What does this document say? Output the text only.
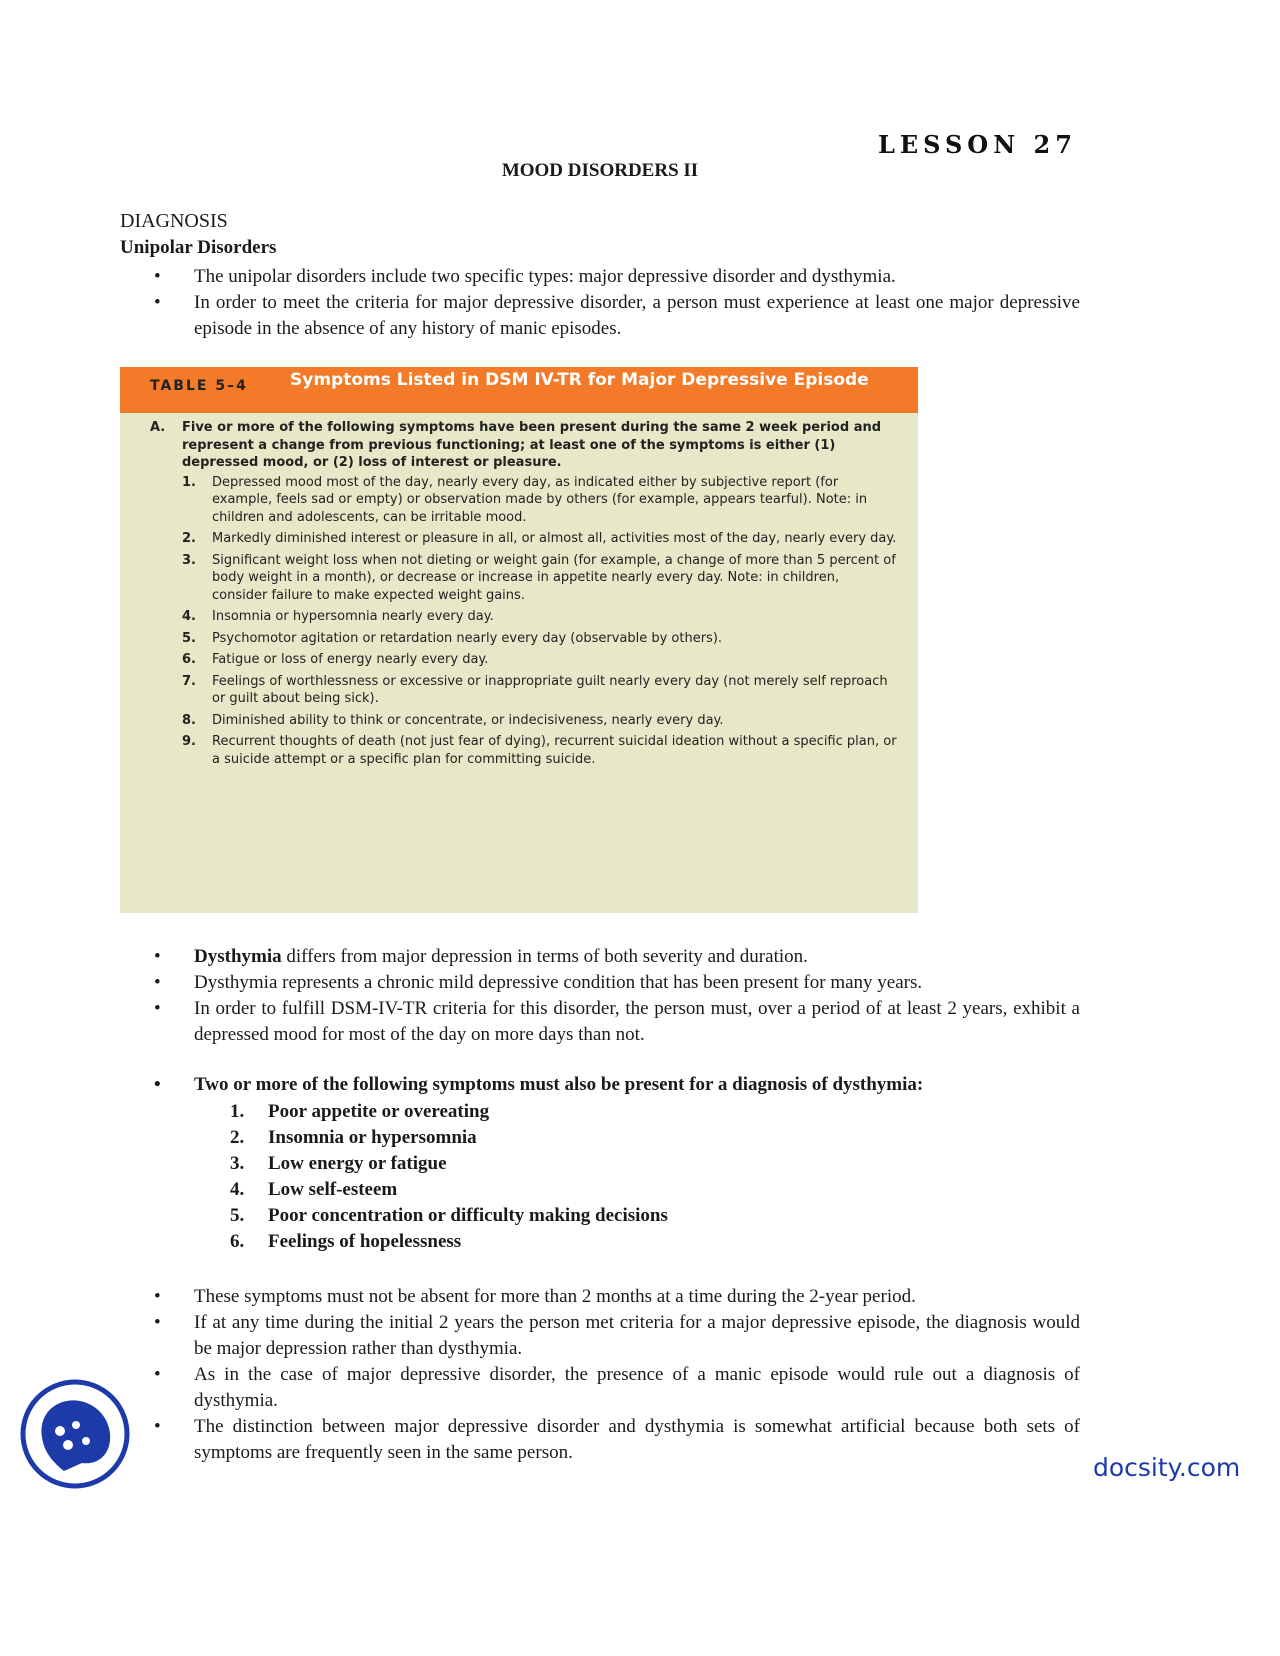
LESSON 27
MOOD DISORDERS II
DIAGNOSIS
Unipolar Disorders
• The unipolar disorders include two specific types: major depressive disorder and dysthymia.
• In order to meet the criteria for major depressive disorder, a person must experience at least one major depressive episode in the absence of any history of manic episodes.
TABLE 5–4 Symptoms Listed in DSM IV-TR for Major Depressive Episode
A. Five or more of the following symptoms have been present during the same 2 week period and represent a change from previous functioning; at least one of the symptoms is either (1) depressed mood, or (2) loss of interest or pleasure.
1. Depressed mood most of the day, nearly every day, as indicated either by subjective report (for example, feels sad or empty) or observation made by others (for example, appears tearful). Note: in children and adolescents, can be irritable mood.
2. Markedly diminished interest or pleasure in all, or almost all, activities most of the day, nearly every day.
3. Significant weight loss when not dieting or weight gain (for example, a change of more than 5 percent of body weight in a month), or decrease or increase in appetite nearly every day. Note: in children, consider failure to make expected weight gains.
4. Insomnia or hypersomnia nearly every day.
5. Psychomotor agitation or retardation nearly every day (observable by others).
6. Fatigue or loss of energy nearly every day.
7. Feelings of worthlessness or excessive or inappropriate guilt nearly every day (not merely self reproach or guilt about being sick).
8. Diminished ability to think or concentrate, or indecisiveness, nearly every day.
9. Recurrent thoughts of death (not just fear of dying), recurrent suicidal ideation without a specific plan, or a suicide attempt or a specific plan for committing suicide.
• Dysthymia differs from major depression in terms of both severity and duration.
• Dysthymia represents a chronic mild depressive condition that has been present for many years.
• In order to fulfill DSM-IV-TR criteria for this disorder, the person must, over a period of at least 2 years, exhibit a depressed mood for most of the day on more days than not.
• Two or more of the following symptoms must also be present for a diagnosis of dysthymia:
1. Poor appetite or overeating
2. Insomnia or hypersomnia
3. Low energy or fatigue
4. Low self-esteem
5. Poor concentration or difficulty making decisions
6. Feelings of hopelessness
• These symptoms must not be absent for more than 2 months at a time during the 2-year period.
• If at any time during the initial 2 years the person met criteria for a major depressive episode, the diagnosis would be major depression rather than dysthymia.
• As in the case of major depressive disorder, the presence of a manic episode would rule out a diagnosis of dysthymia.
• The distinction between major depressive disorder and dysthymia is somewhat artificial because both sets of symptoms are frequently seen in the same person.
docsity.com
